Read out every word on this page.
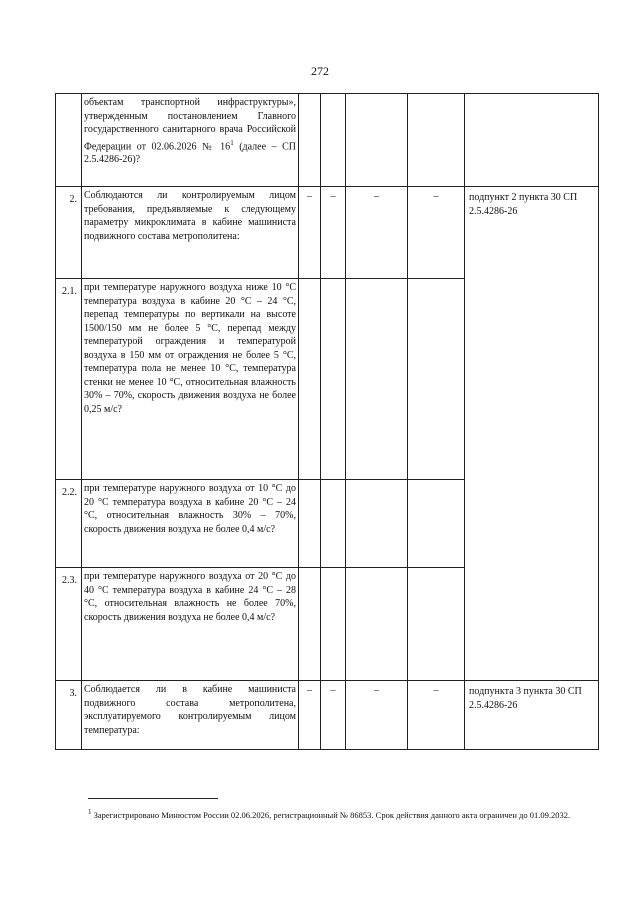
272
	объектам транспортной инфраструктуры», утвержденным постановлением Главного государственного санитарного врача Российской Федерации от 02.06.2026 № $16^1$ (далее – СП 2.5.4286-26)?					
2.	Соблюдаются ли контролируемым лицом требования, предъявляемые к следующему параметру микроклимата в кабине машиниста подвижного состава метрополитена:	–	–	–	–	подпункт 2 пункта 30 СП 2.5.4286-26
2.1.	при температуре наружного воздуха ниже 10 °С температура воздуха в кабине 20 °С – 24 °С, перепад температуры по вертикали на высоте 1500/150 мм не более 5 °С, перепад между температурой ограждения и температурой воздуха в 150 мм от ограждения не более 5 °С, температура пола не менее 10 °С, температура стенки не менее 10 °С, относительная влажность 30% – 70%, скорость движения воздуха не более 0,25 м/с?					
2.2.	при температуре наружного воздуха от 10 °С до 20 °С температура воздуха в кабине 20 °С – 24 °С, относительная влажность 30% – 70%, скорость движения воздуха не более 0,4 м/с?					
2.3.	при температуре наружного воздуха от 20 °С до 40 °С температура воздуха в кабине 24 °С – 28 °С, относительная влажность не более 70%, скорость движения воздуха не более 0,4 м/с?					
3.	Соблюдается ли в кабине машиниста подвижного состава метрополитена, эксплуатируемого контролируемым лицом температура:	–	–	–	–	подпункта 3 пункта 30 СП 2.5.4286-26
$^1$ Зарегистрировано Минюстом России 02.06.2026, регистрационный № 86853. Срок действия данного акта ограничен до 01.09.2032.
